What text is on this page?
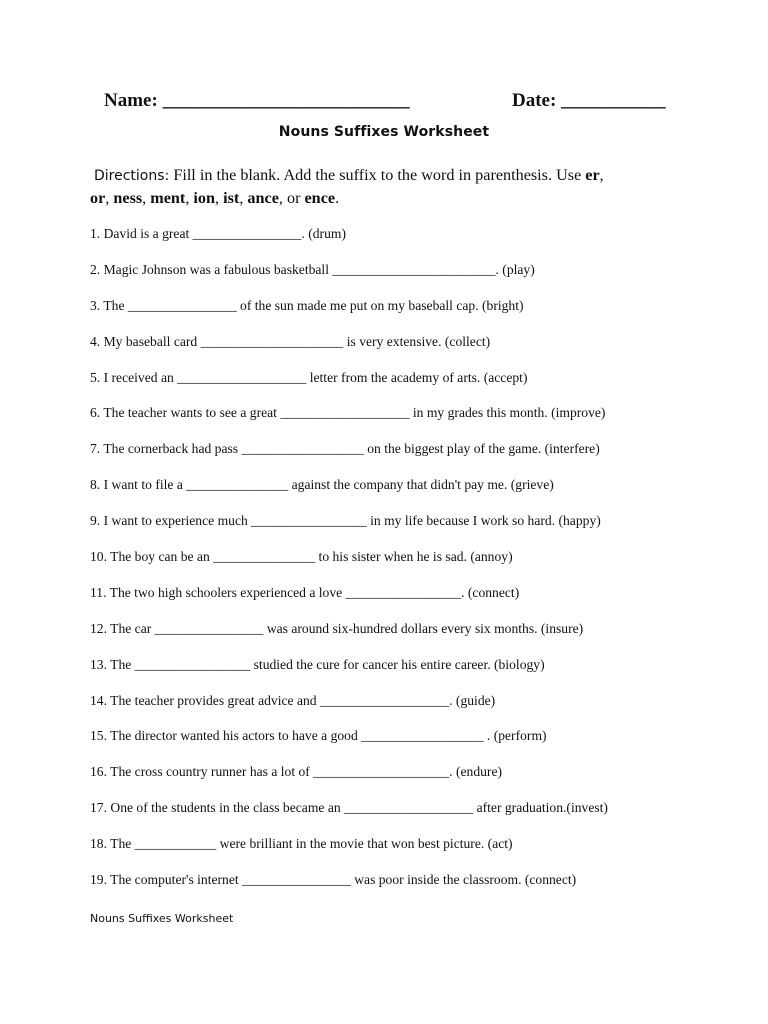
Name: __________________________	Date: ___________
Nouns Suffixes Worksheet
Directions: Fill in the blank. Add the suffix to the word in parenthesis. Use er,
or, ness, ment, ion, ist, ance, or ence.
1. David is a great ________________. (drum)
2. Magic Johnson was a fabulous basketball ________________________. (play)
3. The ________________ of the sun made me put on my baseball cap. (bright)
4. My baseball card _____________________ is very extensive. (collect)
5. I received an ___________________ letter from the academy of arts. (accept)
6. The teacher wants to see a great ___________________ in my grades this month. (improve)
7. The cornerback had pass __________________ on the biggest play of the game. (interfere)
8. I want to file a _______________ against the company that didn't pay me. (grieve)
9. I want to experience much _________________ in my life because I work so hard. (happy)
10. The boy can be an _______________ to his sister when he is sad. (annoy)
11. The two high schoolers experienced a love _________________. (connect)
12. The car ________________ was around six-hundred dollars every six months. (insure)
13. The _________________ studied the cure for cancer his entire career. (biology)
14. The teacher provides great advice and ___________________. (guide)
15. The director wanted his actors to have a good __________________ . (perform)
16. The cross country runner has a lot of ____________________. (endure)
17. One of the students in the class became an ___________________ after graduation.(invest)
18. The ____________ were brilliant in the movie that won best picture. (act)
19. The computer's internet ________________ was poor inside the classroom. (connect)
Nouns Suffixes Worksheet
